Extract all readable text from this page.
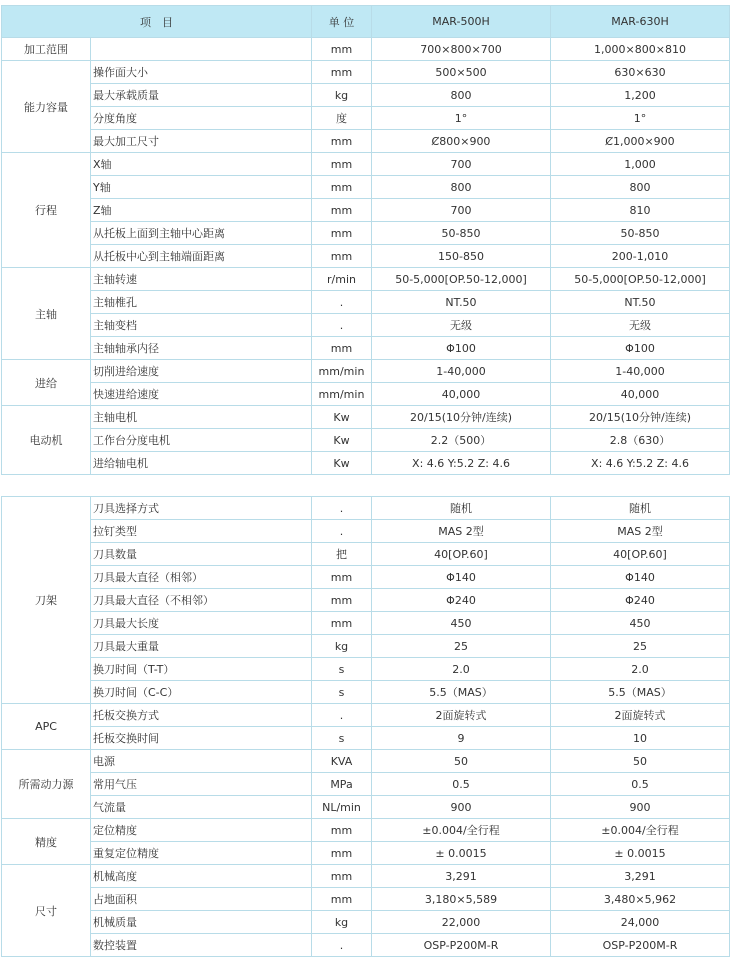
项　目		单 位	MAR-500H	MAR-630H
加工范围		mm	700×800×700	1,000×800×810
能力容量	操作面大小	mm	500×500	630×630
	最大承载质量	kg	800	1,200
	分度角度	度	1°	1°
	最大加工尺寸	mm	Ȼ800×900	Ȼ1,000×900
行程	X轴	mm	700	1,000
	Y轴	mm	800	800
	Z轴	mm	700	810
	从托板上面到主轴中心距离	mm	50-850	50-850
	从托板中心到主轴端面距离	mm	150-850	200-1,010
主轴	主轴转速	r/min	50-5,000[OP.50-12,000]	50-5,000[OP.50-12,000]
	主轴椎孔	.	NT.50	NT.50
	主轴变档	.	无级	无级
	主轴轴承内径	mm	Φ100	Φ100
进给	切削进给速度	mm/min	1-40,000	1-40,000
	快速进给速度	mm/min	40,000	40,000
电动机	主轴电机	Kw	20/15(10分钟/连续)	20/15(10分钟/连续)
	工作台分度电机	Kw	2.2（500）	2.8（630）
	进给轴电机	Kw	X: 4.6 Y:5.2 Z: 4.6	X: 4.6 Y:5.2 Z: 4.6
刀架	刀具选择方式	.	随机	随机
	拉钉类型	.	MAS 2型	MAS 2型
	刀具数量	把	40[OP.60]	40[OP.60]
	刀具最大直径（相邻）	mm	Φ140	Φ140
	刀具最大直径（不相邻）	mm	Φ240	Φ240
	刀具最大长度	mm	450	450
	刀具最大重量	kg	25	25
	换刀时间（T-T）	s	2.0	2.0
	换刀时间（C-C）	s	5.5（MAS）	5.5（MAS）
APC	托板交换方式	.	2面旋转式	2面旋转式
	托板交换时间	s	9	10
所需动力源	电源	KVA	50	50
	常用气压	MPa	0.5	0.5
	气流量	NL/min	900	900
精度	定位精度	mm	±0.004/全行程	±0.004/全行程
	重复定位精度	mm	± 0.0015	± 0.0015
尺寸	机械高度	mm	3,291	3,291
	占地面积	mm	3,180×5,589	3,480×5,962
	机械质量	kg	22,000	24,000
	数控装置	.	OSP-P200M-R	OSP-P200M-R
